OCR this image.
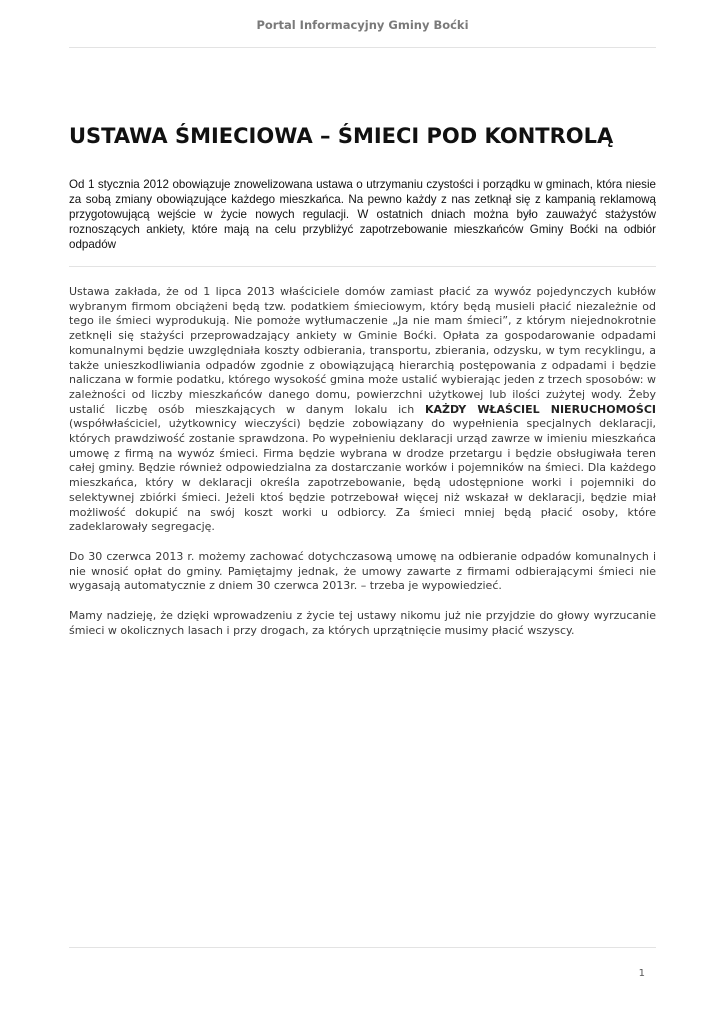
Portal Informacyjny Gminy Boćki
USTAWA ŚMIECIOWA – ŚMIECI POD KONTROLĄ

Od 1 stycznia 2012 obowiązuje znowelizowana ustawa o utrzymaniu czystości i porządku w gminach, która niesie za sobą zmiany obowiązujące każdego mieszkańca. Na pewno każdy z nas zetknął się z kampanią reklamową przygotowującą wejście w życie nowych regulacji. W ostatnich dniach można było zauważyć stażystów roznoszących ankiety, które mają na celu przybliżyć zapotrzebowanie mieszkańców Gminy Boćki na odbiór odpadów

Ustawa zakłada, że od 1 lipca 2013 właściciele domów zamiast płacić za wywóz pojedynczych kubłów wybranym firmom obciążeni będą tzw. podatkiem śmieciowym, który będą musieli płacić niezależnie od tego ile śmieci wyprodukują. Nie pomoże wytłumaczenie „Ja nie mam śmieci”, z którym niejednokrotnie zetknęli się stażyści przeprowadzający ankiety w Gminie Boćki. Opłata za gospodarowanie odpadami komunalnymi będzie uwzględniała koszty odbierania, transportu, zbierania, odzysku, w tym recyklingu, a także unieszkodliwiania odpadów zgodnie z obowiązującą hierarchią postępowania z odpadami i będzie naliczana w formie podatku, którego wysokość gmina może ustalić wybierając jeden z trzech sposobów: w zależności od liczby mieszkańców danego domu, powierzchni użytkowej lub ilości zużytej wody. Żeby ustalić liczbę osób mieszkających w danym lokalu ich KAŻDY WŁAŚCIEL NIERUCHOMOŚCI (współwłaściciel, użytkownicy wieczyści) będzie zobowiązany do wypełnienia specjalnych deklaracji, których prawdziwość zostanie sprawdzona. Po wypełnieniu deklaracji urząd zawrze w imieniu mieszkańca umowę z firmą na wywóz śmieci. Firma będzie wybrana w drodze przetargu i będzie obsługiwała teren całej gminy. Będzie również odpowiedzialna za dostarczanie worków i pojemników na śmieci. Dla każdego mieszkańca, który w deklaracji określa zapotrzebowanie, będą udostępnione worki i pojemniki do selektywnej zbiórki śmieci. Jeżeli ktoś będzie potrzebował więcej niż wskazał w deklaracji, będzie miał możliwość dokupić na swój koszt worki u odbiorcy. Za śmieci mniej będą płacić osoby, które zadeklarowały segregację.

Do 30 czerwca 2013 r. możemy zachować dotychczasową umowę na odbieranie odpadów komunalnych i nie wnosić opłat do gminy. Pamiętajmy jednak, że umowy zawarte z firmami odbierającymi śmieci nie wygasają automatycznie z dniem 30 czerwca 2013r. – trzeba je wypowiedzieć.

Mamy nadzieję, że dzięki wprowadzeniu z życie tej ustawy nikomu już nie przyjdzie do głowy wyrzucanie śmieci w okolicznych lasach i przy drogach, za których uprzątnięcie musimy płacić wszyscy.

1
